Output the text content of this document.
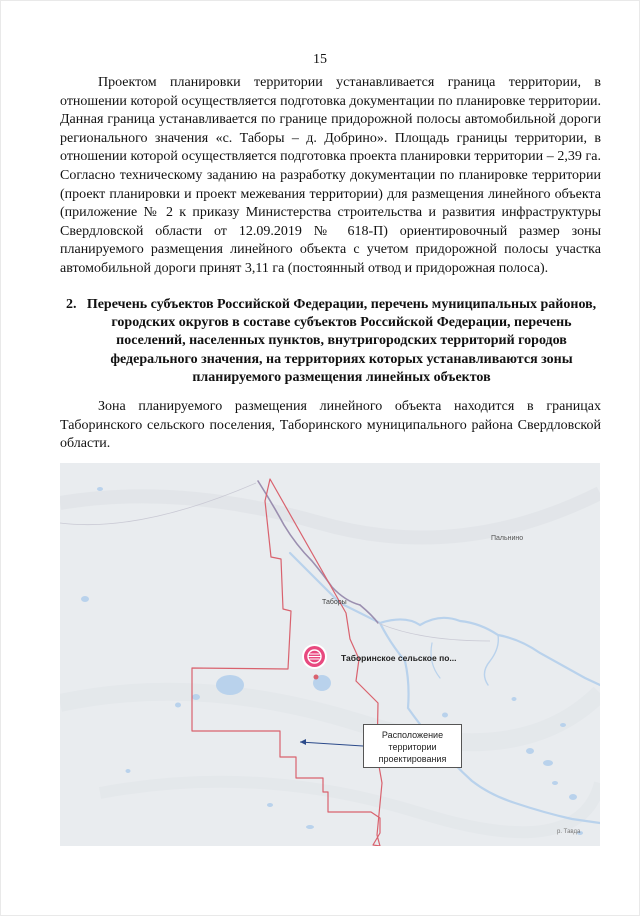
15

Проектом планировки территории устанавливается граница территории, в отношении которой осуществляется подготовка документации по планировке территории. Данная граница устанавливается по границе придорожной полосы автомобильной дороги регионального значения «с. Таборы – д. Добрино». Площадь границы территории, в отношении которой осуществляется подготовка проекта планировки территории – 2,39 га. Согласно техническому заданию на разработку документации по планировке территории (проект планировки и проект межевания территории) для размещения линейного объекта (приложение № 2 к приказу Министерства строительства и развития инфраструктуры Свердловской области от 12.09.2019 № 618-П) ориентировочный размер зоны планируемого размещения линейного объекта с учетом придорожной полосы участка автомобильной дороги принят 3,11 га (постоянный отвод и придорожная полоса).

2. Перечень субъектов Российской Федерации, перечень муниципальных районов, городских округов в составе субъектов Российской Федерации, перечень поселений, населенных пунктов, внутригородских территорий городов федерального значения, на территориях которых устанавливаются зоны планируемого размещения линейных объектов

Зона планируемого размещения линейного объекта находится в границах Таборинского сельского поселения, Таборинского муниципального района Свердловской области.

Пальнино
Таборы
Таборинское сельское по...
Расположение
территории
проектирования
р. Тавда
